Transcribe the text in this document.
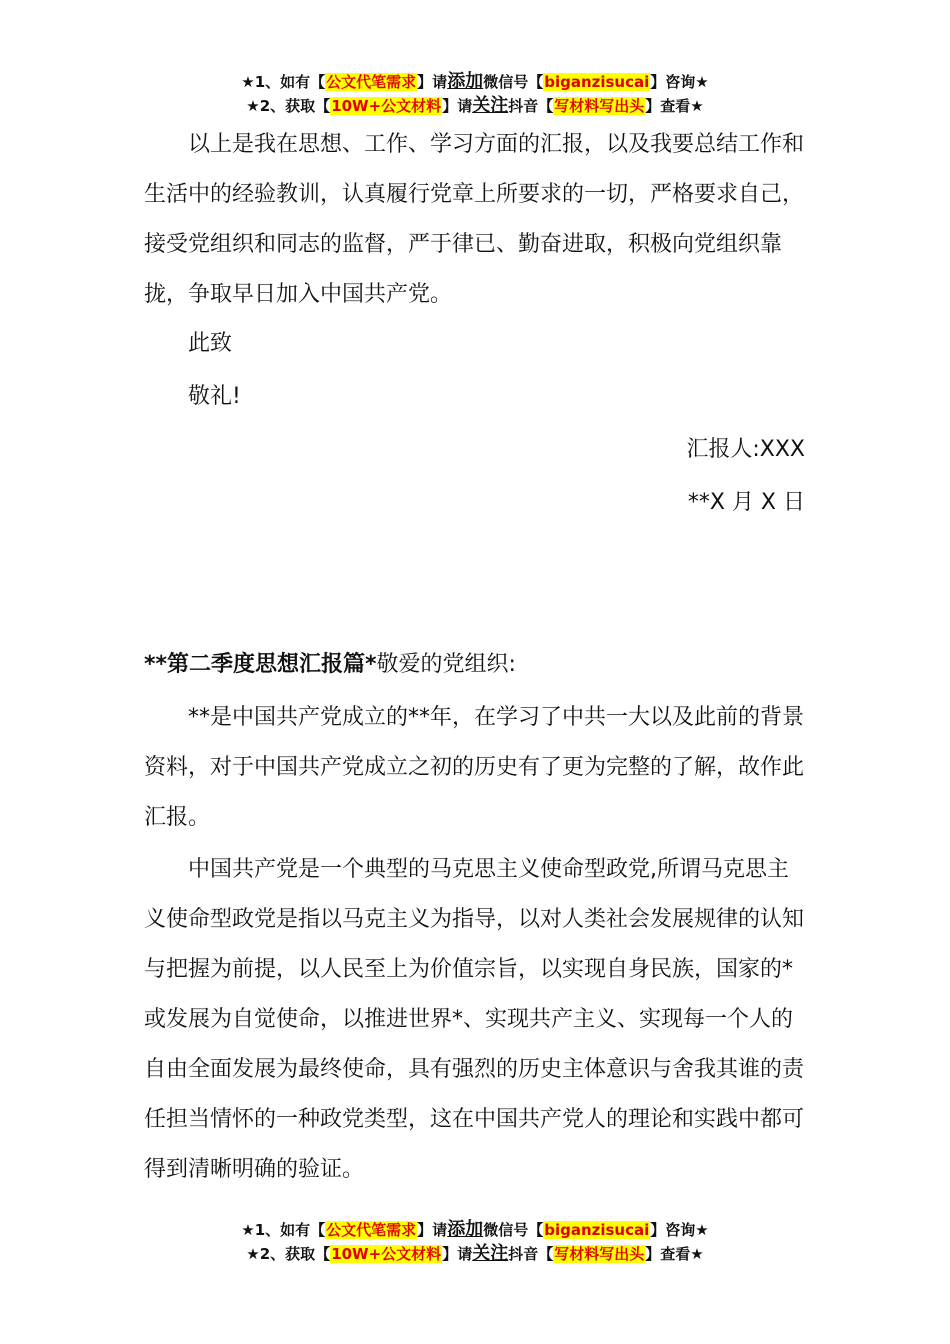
★1、如有【公文代笔需求】请添加微信号【biganzisucai】咨询★
★2、获取【10W+公文材料】请关注抖音【写材料写出头】查看★

以上是我在思想、工作、学习方面的汇报，以及我要总结工作和生活中的经验教训，认真履行党章上所要求的一切，严格要求自己，接受党组织和同志的监督，严于律已、勤奋进取，积极向党组织靠拢，争取早日加入中国共产党。

此致

敬礼!

汇报人:XXX
**X 月 X 日

**第二季度思想汇报篇*敬爱的党组织:

**是中国共产党成立的**年，在学习了中共一大以及此前的背景资料，对于中国共产党成立之初的历史有了更为完整的了解，故作此汇报。

中国共产党是一个典型的马克思主义使命型政党,所谓马克思主义使命型政党是指以马克主义为指导，以对人类社会发展规律的认知与把握为前提，以人民至上为价值宗旨，以实现自身民族，国家的*或发展为自觉使命，以推进世界*、实现共产主义、实现每一个人的自由全面发展为最终使命，具有强烈的历史主体意识与舍我其谁的责任担当情怀的一种政党类型，这在中国共产党人的理论和实践中都可得到清晰明确的验证。

★1、如有【公文代笔需求】请添加微信号【biganzisucai】咨询★
★2、获取【10W+公文材料】请关注抖音【写材料写出头】查看★
